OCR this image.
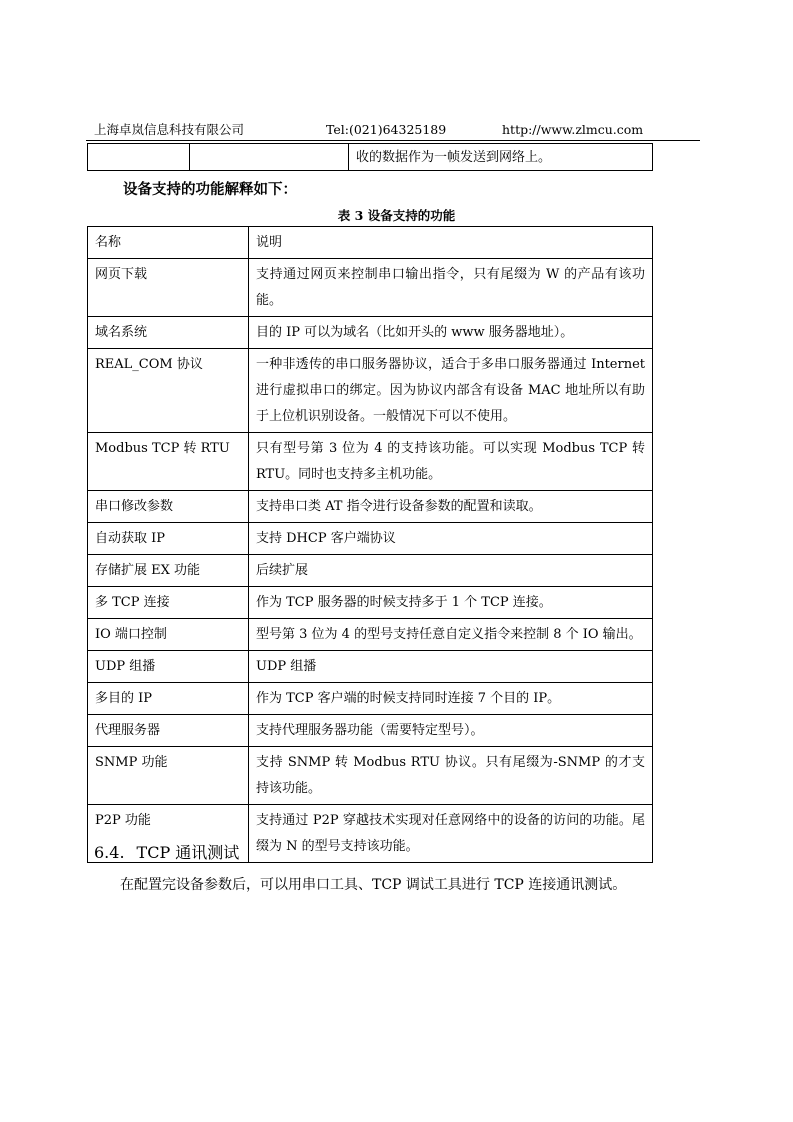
上海卓岚信息科技有限公司	Tel:(021)64325189	http://www.zlmcu.com
收的数据作为一帧发送到网络上。
设备支持的功能解释如下：
表 3 设备支持的功能
名称	说明
网页下载	支持通过网页来控制串口输出指令，只有尾缀为 W 的产品有该功能。
域名系统	目的 IP 可以为域名（比如开头的 www 服务器地址）。
REAL_COM 协议	一种非透传的串口服务器协议，适合于多串口服务器通过 Internet 进行虚拟串口的绑定。因为协议内部含有设备 MAC 地址所以有助于上位机识别设备。一般情况下可以不使用。
Modbus TCP 转 RTU	只有型号第 3 位为 4 的支持该功能。可以实现 Modbus TCP 转 RTU。同时也支持多主机功能。
串口修改参数	支持串口类 AT 指令进行设备参数的配置和读取。
自动获取 IP	支持 DHCP 客户端协议
存储扩展 EX 功能	后续扩展
多 TCP 连接	作为 TCP 服务器的时候支持多于 1 个 TCP 连接。
IO 端口控制	型号第 3 位为 4 的型号支持任意自定义指令来控制 8 个 IO 输出。
UDP 组播	UDP 组播
多目的 IP	作为 TCP 客户端的时候支持同时连接 7 个目的 IP。
代理服务器	支持代理服务器功能（需要特定型号）。
SNMP 功能	支持 SNMP 转 Modbus RTU 协议。只有尾缀为-SNMP 的才支持该功能。
P2P 功能	支持通过 P2P 穿越技术实现对任意网络中的设备的访问的功能。尾缀为 N 的型号支持该功能。
6.4. TCP 通讯测试
在配置完设备参数后，可以用串口工具、TCP 调试工具进行 TCP 连接通讯测试。
